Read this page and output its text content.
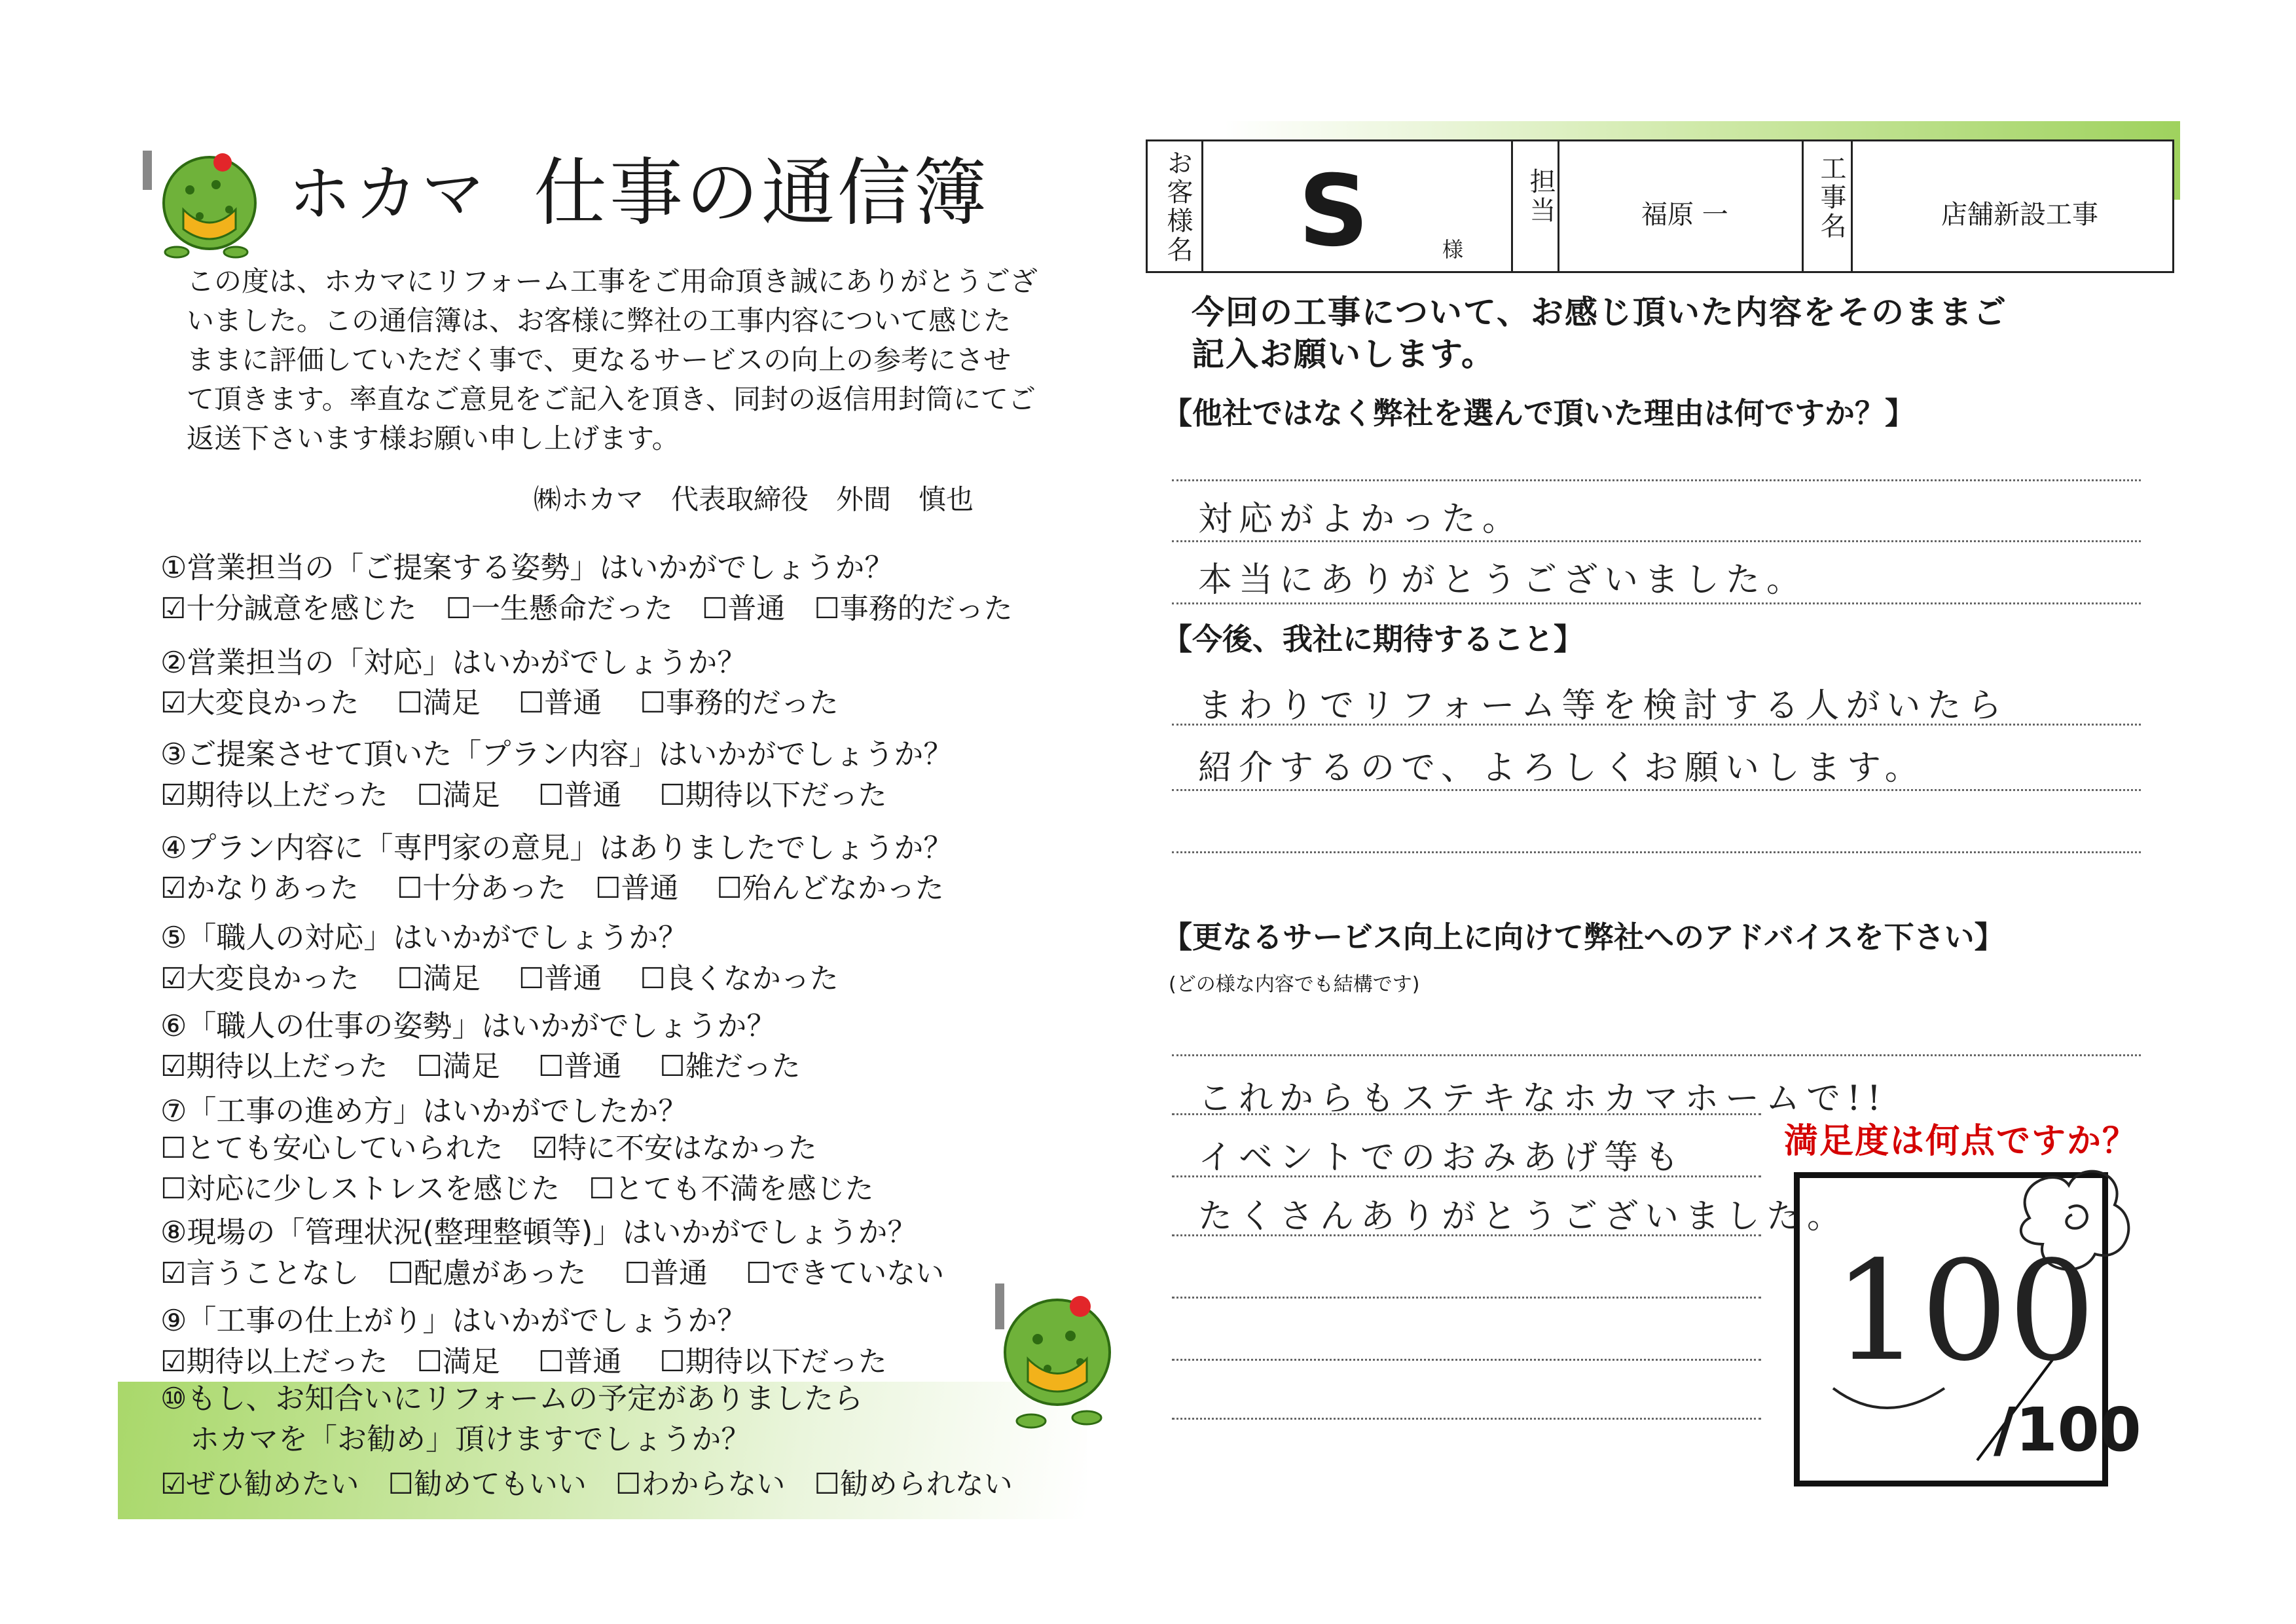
ホカマ 仕事の通信簿
この度は、ホカマにリフォーム工事をご用命頂き誠にありがとうございました。この通信簿は、お客様に弊社の工事内容について感じたままに評価していただく事で、更なるサービスの向上の参考にさせて頂きます。率直なご意見をご記入を頂き、同封の返信用封筒にてご返送下さいます様お願い申し上げます。
㈱ホカマ　代表取締役　外間　慎也
①営業担当の「ご提案する姿勢」はいかがでしょうか？
☑十分誠意を感じた　☐一生懸命だった　☐普通　☐事務的だった
②営業担当の「対応」はいかがでしょうか？
☑大変良かった　 ☐満足　 ☐普通　 ☐事務的だった
③ご提案させて頂いた「プラン内容」はいかがでしょうか？
☑期待以上だった　☐満足　 ☐普通　 ☐期待以下だった
④プラン内容に「専門家の意見」はありましたでしょうか？
☑かなりあった　 ☐十分あった　☐普通　 ☐殆んどなかった
⑤「職人の対応」はいかがでしょうか？
☑大変良かった　 ☐満足　 ☐普通　 ☐良くなかった
⑥「職人の仕事の姿勢」はいかがでしょうか？
☑期待以上だった　☐満足　 ☐普通　 ☐雑だった
⑦「工事の進め方」はいかがでしたか？
☐とても安心していられた　☑特に不安はなかった
☐対応に少しストレスを感じた　☐とても不満を感じた
⑧現場の「管理状況(整理整頓等)」はいかがでしょうか？
☑言うことなし　☐配慮があった　 ☐普通　 ☐できていない
⑨「工事の仕上がり」はいかがでしょうか？
☑期待以上だった　☐満足　 ☐普通　 ☐期待以下だった
⑩もし、お知合いにリフォームの予定がありましたら
　ホカマを「お勧め」頂けますでしょうか？
☑ぜひ勧めたい　☐勧めてもいい　☐わからない　☐勧められない
お客様名 S	様
担当	福原 一	工事名	店舗新設工事
今回の工事について、お感じ頂いた内容をそのままご
記入お願いします。
【他社ではなく弊社を選んで頂いた理由は何ですか？】
対応がよかった。
本当にありがとうございました。
【今後、我社に期待すること】
まわりでリフォーム等を検討する人がいたら
紹介するので、よろしくお願いします。
【更なるサービス向上に向けて弊社へのアドバイスを下さい】
(どの様な内容でも結構です)
これからもステキなホカマホームで!!
イベントでのおみあげ等も
たくさんありがとうございました。
満足度は何点ですか？
100
/100
